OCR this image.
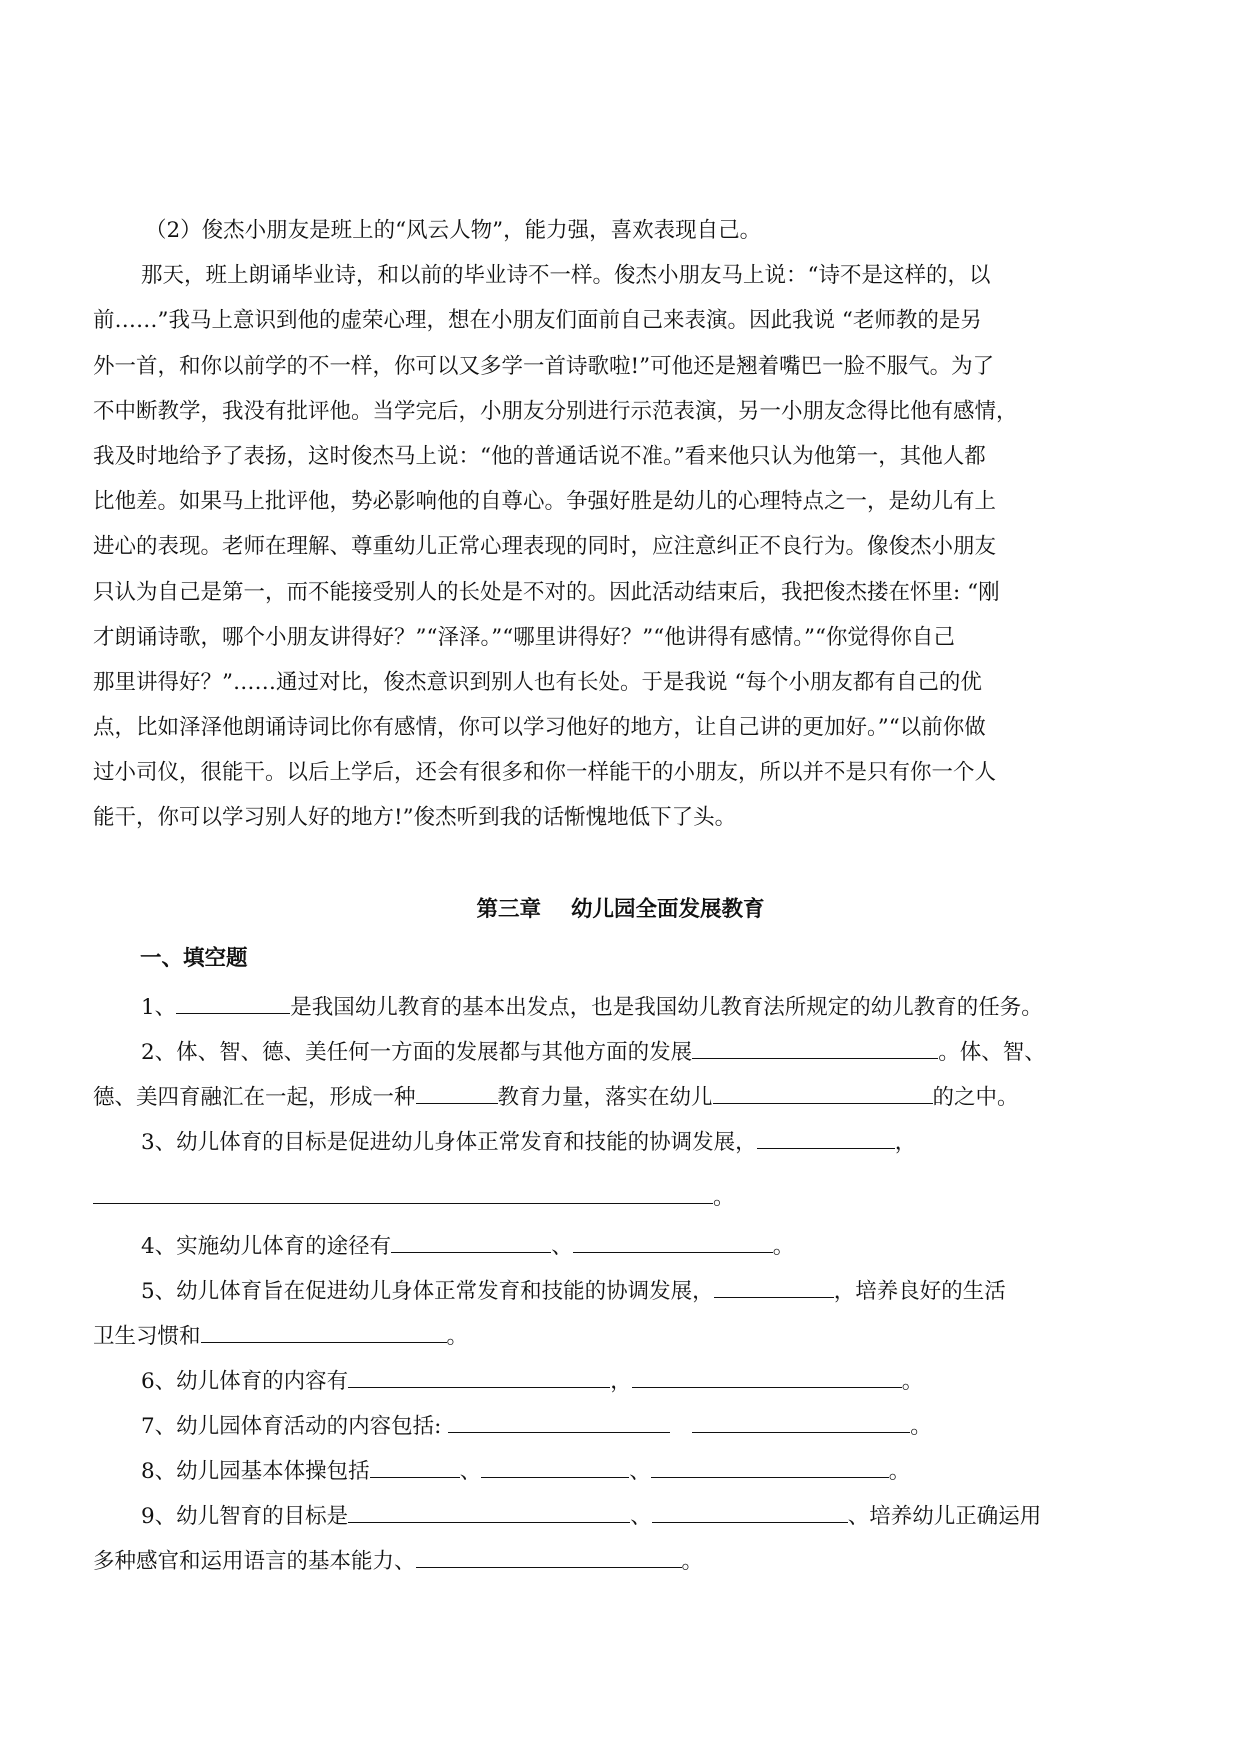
（2）俊杰小朋友是班上的“风云人物”，能力强，喜欢表现自己。
那天，班上朗诵毕业诗，和以前的毕业诗不一样。俊杰小朋友马上说：“诗不是这样的，以
前……”我马上意识到他的虚荣心理，想在小朋友们面前自己来表演。因此我说 “老师教的是另
外一首，和你以前学的不一样，你可以又多学一首诗歌啦!”可他还是翘着嘴巴一脸不服气。为了
不中断教学，我没有批评他。当学完后，小朋友分别进行示范表演，另一小朋友念得比他有感情，
我及时地给予了表扬，这时俊杰马上说：“他的普通话说不准。”看来他只认为他第一，其他人都
比他差。如果马上批评他，势必影响他的自尊心。争强好胜是幼儿的心理特点之一，是幼儿有上
进心的表现。老师在理解、尊重幼儿正常心理表现的同时，应注意纠正不良行为。像俊杰小朋友
只认为自己是第一，而不能接受别人的长处是不对的。因此活动结束后，我把俊杰搂在怀里: “刚
才朗诵诗歌，哪个小朋友讲得好？”“泽泽。”“哪里讲得好？”“他讲得有感情。”“你觉得你自己
那里讲得好？”……通过对比，俊杰意识到别人也有长处。于是我说 “每个小朋友都有自己的优
点，比如泽泽他朗诵诗词比你有感情，你可以学习他好的地方，让自己讲的更加好。”“以前你做
过小司仪，很能干。以后上学后，还会有很多和你一样能干的小朋友，所以并不是只有你一个人
能干，你可以学习别人好的地方!”俊杰听到我的话惭愧地低下了头。
第三章    幼儿园全面发展教育
一、填空题
1、	是我国幼儿教育的基本出发点，也是我国幼儿教育法所规定的幼儿教育的任务。
2、体、智、德、美任何一方面的发展都与其他方面的发展	。体、智、
德、美四育融汇在一起，形成一种	教育力量，落实在幼儿	的之中。
3、幼儿体育的目标是促进幼儿身体正常发育和技能的协调发展，	，
。
4、实施幼儿体育的途径有	、	。
5、幼儿体育旨在促进幼儿身体正常发育和技能的协调发展，	，培养良好的生活
卫生习惯和	。
6、幼儿体育的内容有	，	。
7、幼儿园体育活动的内容包括:	。
8、幼儿园基本体操包括	、	、	。
9、幼儿智育的目标是	、	、培养幼儿正确运用
多种感官和运用语言的基本能力、	。
